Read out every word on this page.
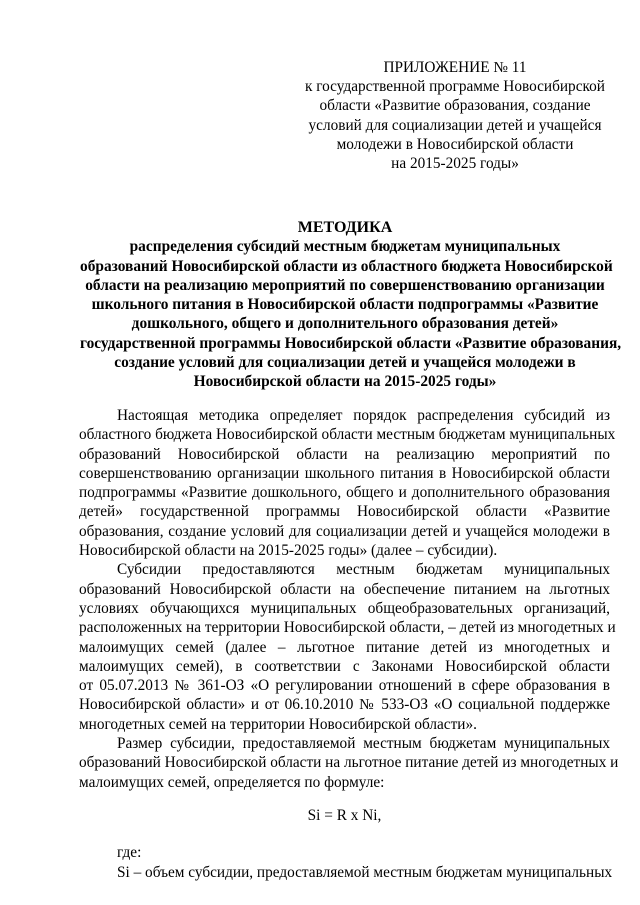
ПРИЛОЖЕНИЕ № 11
к государственной программе Новосибирской
области «Развитие образования, создание
условий для социализации детей и учащейся
молодежи в Новосибирской области
на 2015-2025 годы»
МЕТОДИКА
распределения субсидий местным бюджетам муниципальных
образований Новосибирской области из областного бюджета Новосибирской
области на реализацию мероприятий по совершенствованию организации
школьного питания в Новосибирской области подпрограммы «Развитие
дошкольного, общего и дополнительного образования детей»
государственной программы Новосибирской области «Развитие образования,
создание условий для социализации детей и учащейся молодежи в
Новосибирской области на 2015-2025 годы»
Настоящая методика определяет порядок распределения субсидий из
областного бюджета Новосибирской области местным бюджетам муниципальных
образований Новосибирской области на реализацию мероприятий по
совершенствованию организации школьного питания в Новосибирской области
подпрограммы «Развитие дошкольного, общего и дополнительного образования
детей» государственной программы Новосибирской области «Развитие
образования, создание условий для социализации детей и учащейся молодежи в
Новосибирской области на 2015-2025 годы» (далее – субсидии).
Субсидии предоставляются местным бюджетам муниципальных
образований Новосибирской области на обеспечение питанием на льготных
условиях обучающихся муниципальных общеобразовательных организаций,
расположенных на территории Новосибирской области, – детей из многодетных и
малоимущих семей (далее – льготное питание детей из многодетных и
малоимущих семей), в соответствии с Законами Новосибирской области
от 05.07.2013 № 361-ОЗ «О регулировании отношений в сфере образования в
Новосибирской области» и от 06.10.2010 № 533-ОЗ «О социальной поддержке
многодетных семей на территории Новосибирской области».
Размер субсидии, предоставляемой местным бюджетам муниципальных
образований Новосибирской области на льготное питание детей из многодетных и
малоимущих семей, определяется по формуле:
Si = R x Ni,
где:
Si – объем субсидии, предоставляемой местным бюджетам муниципальных
